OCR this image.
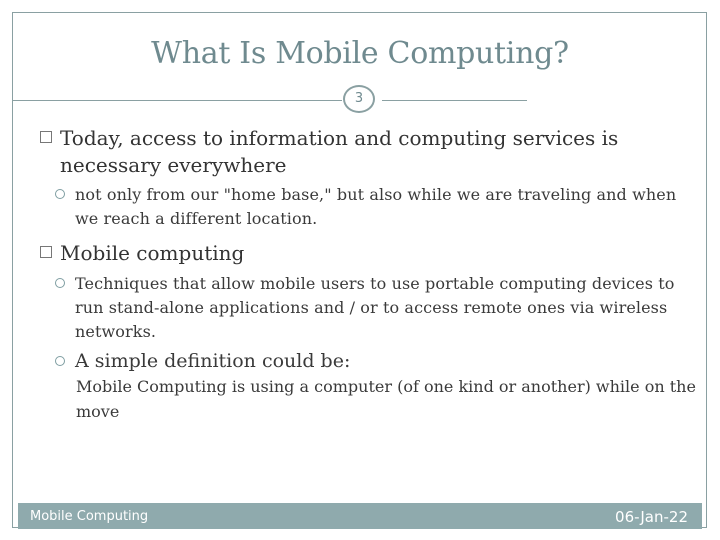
What Is Mobile Computing?
3
Today, access to information and computing services is necessary everywhere
not only from our "home base," but also while we are traveling and when we reach a different location.
Mobile computing
Techniques that allow mobile users to use portable computing devices to run stand-alone applications and / or to access remote ones via wireless networks.
A simple definition could be:
Mobile Computing is using a computer (of one kind or another) while on the move
Mobile Computing	06-Jan-22
